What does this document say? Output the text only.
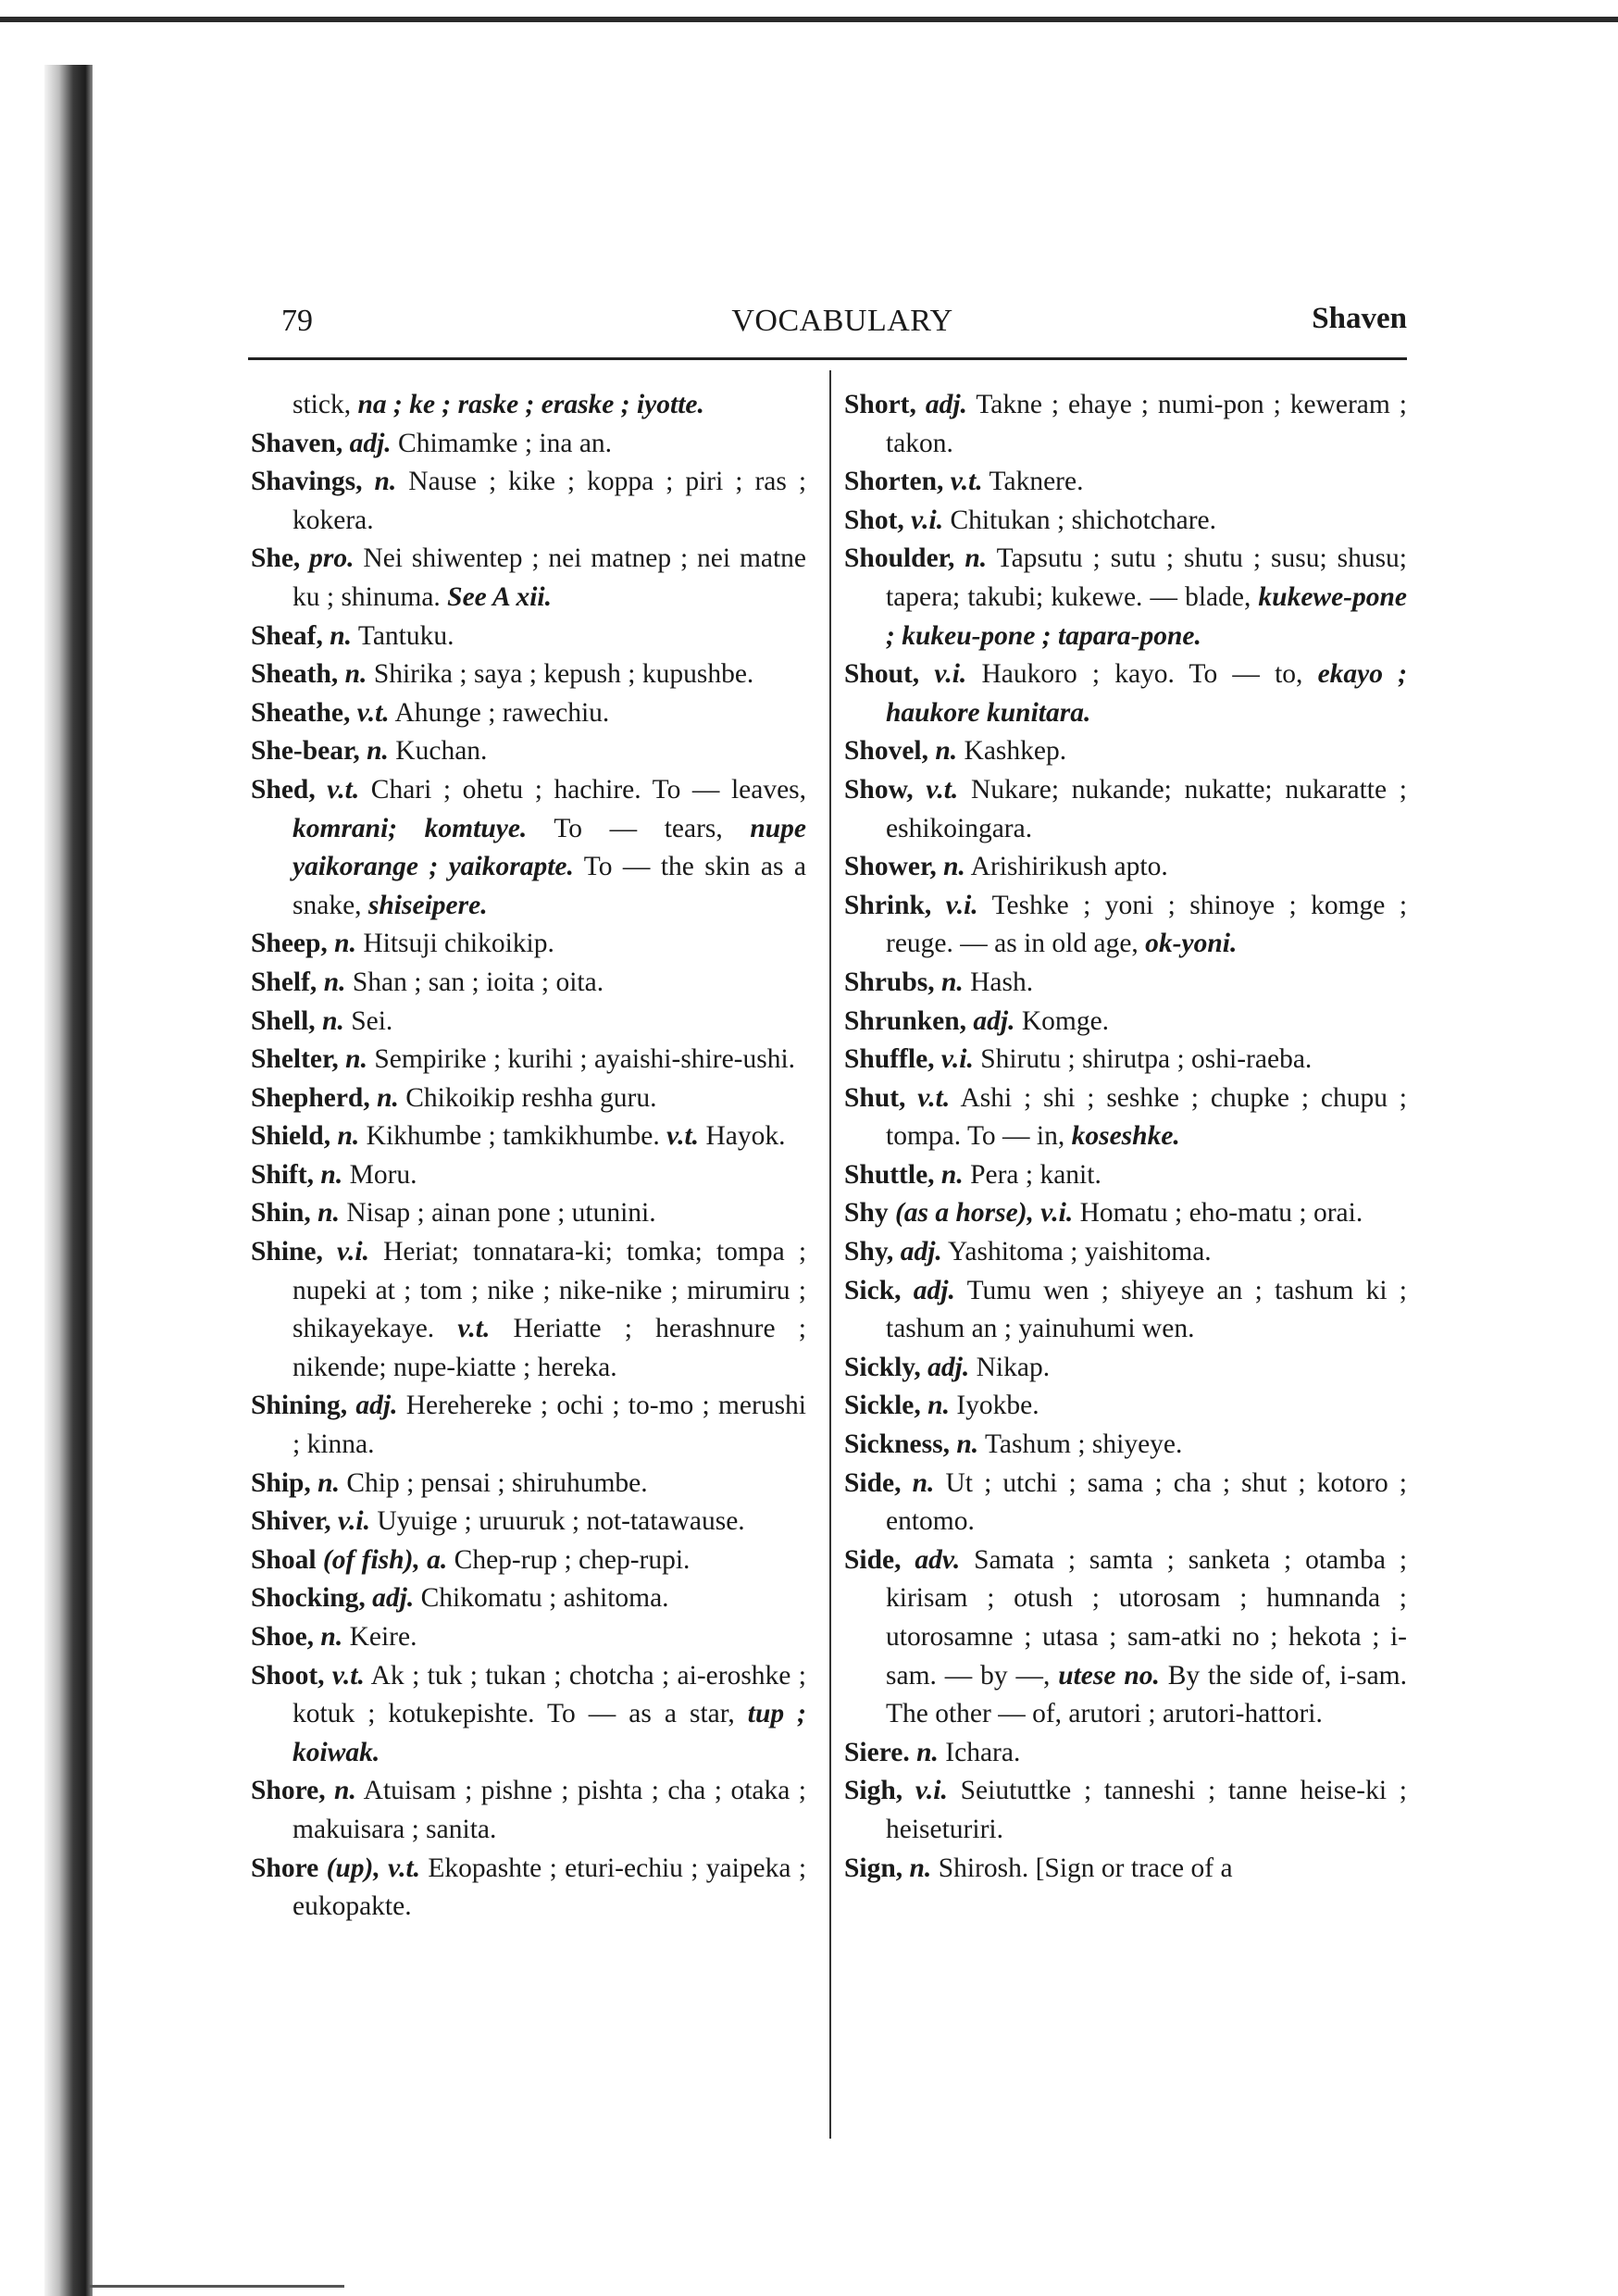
79	VOCABULARY	Shaven

stick, na ; ke ; raske ; eraske ; iyotte.

Shaven, adj. Chimamke ; ina an.

Shavings, n. Nause ; kike ; koppa ; piri ; ras ; kokera.

She, pro. Nei shiwentep ; nei matnep ; nei matne ku ; shinuma. See A xii.

Sheaf, n. Tantuku.

Sheath, n. Shirika ; saya ; kepush ; kupushbe.

Sheathe, v.t. Ahunge ; rawechiu.

She-bear, n. Kuchan.

Shed, v.t. Chari ; ohetu ; hachire. To — leaves, komrani; komtuye. To — tears, nupe yaikorange ; yaikorapte. To — the skin as a snake, shiseipere.

Sheep, n. Hitsuji chikoikip.

Shelf, n. Shan ; san ; ioita ; oita.

Shell, n. Sei.

Shelter, n. Sempirike ; kurihi ; ayaishi-shire-ushi.

Shepherd, n. Chikoikip reshha guru.

Shield, n. Kikhumbe ; tamkikhumbe. v.t. Hayok.

Shift, n. Moru.

Shin, n. Nisap ; ainan pone ; utunini.

Shine, v.i. Heriat; tonnatara-ki; tomka; tompa ; nupeki at ; tom ; nike ; nike-nike ; mirumiru ; shikayekaye. v.t. Heriatte ; herashnure ; nikende; nupe-kiatte ; hereka.

Shining, adj. Herehereke ; ochi ; to-mo ; merushi ; kinna.

Ship, n. Chip ; pensai ; shiruhumbe.

Shiver, v.i. Uyuige ; uruuruk ; not-tatawause.

Shoal (of fish), a. Chep-rup ; chep-rupi.

Shocking, adj. Chikomatu ; ashitoma.

Shoe, n. Keire.

Shoot, v.t. Ak ; tuk ; tukan ; chotcha ; ai-eroshke ; kotuk ; kotukepishte. To — as a star, tup ; koiwak.

Shore, n. Atuisam ; pishne ; pishta ; cha ; otaka ; makuisara ; sanita.

Shore (up), v.t. Ekopashte ; eturi-echiu ; yaipeka ; eukopakte.

Short, adj. Takne ; ehaye ; numi-pon ; keweram ; takon.

Shorten, v.t. Taknere.

Shot, v.i. Chitukan ; shichotchare.

Shoulder, n. Tapsutu ; sutu ; shutu ; susu; shusu; tapera; takubi; kukewe. — blade, kukewe-pone ; kukeu-pone ; tapara-pone.

Shout, v.i. Haukoro ; kayo. To — to, ekayo ; haukore kunitara.

Shovel, n. Kashkep.

Show, v.t. Nukare; nukande; nukatte; nukaratte ; eshikoingara.

Shower, n. Arishirikush apto.

Shrink, v.i. Teshke ; yoni ; shinoye ; komge ; reuge. — as in old age, ok-yoni.

Shrubs, n. Hash.

Shrunken, adj. Komge.

Shuffle, v.i. Shirutu ; shirutpa ; oshi-raeba.

Shut, v.t. Ashi ; shi ; seshke ; chupke ; chupu ; tompa. To — in, koseshke.

Shuttle, n. Pera ; kanit.

Shy (as a horse), v.i. Homatu ; eho-matu ; orai.

Shy, adj. Yashitoma ; yaishitoma.

Sick, adj. Tumu wen ; shiyeye an ; tashum ki ; tashum an ; yainuhumi wen.

Sickly, adj. Nikap.

Sickle, n. Iyokbe.

Sickness, n. Tashum ; shiyeye.

Side, n. Ut ; utchi ; sama ; cha ; shut ; kotoro ; entomo.

Side, adv. Samata ; samta ; sanketa ; otamba ; kirisam ; otush ; utorosam ; humnanda ; utorosamne ; utasa ; sam-atki no ; hekota ; i-sam. — by —, utese no. By the side of, i-sam. The other — of, arutori ; arutori-hattori.

Siere. n. Ichara.

Sigh, v.i. Seiututtke ; tanneshi ; tanne heise-ki ; heiseturiri.

Sign, n. Shirosh. [Sign or trace of a
